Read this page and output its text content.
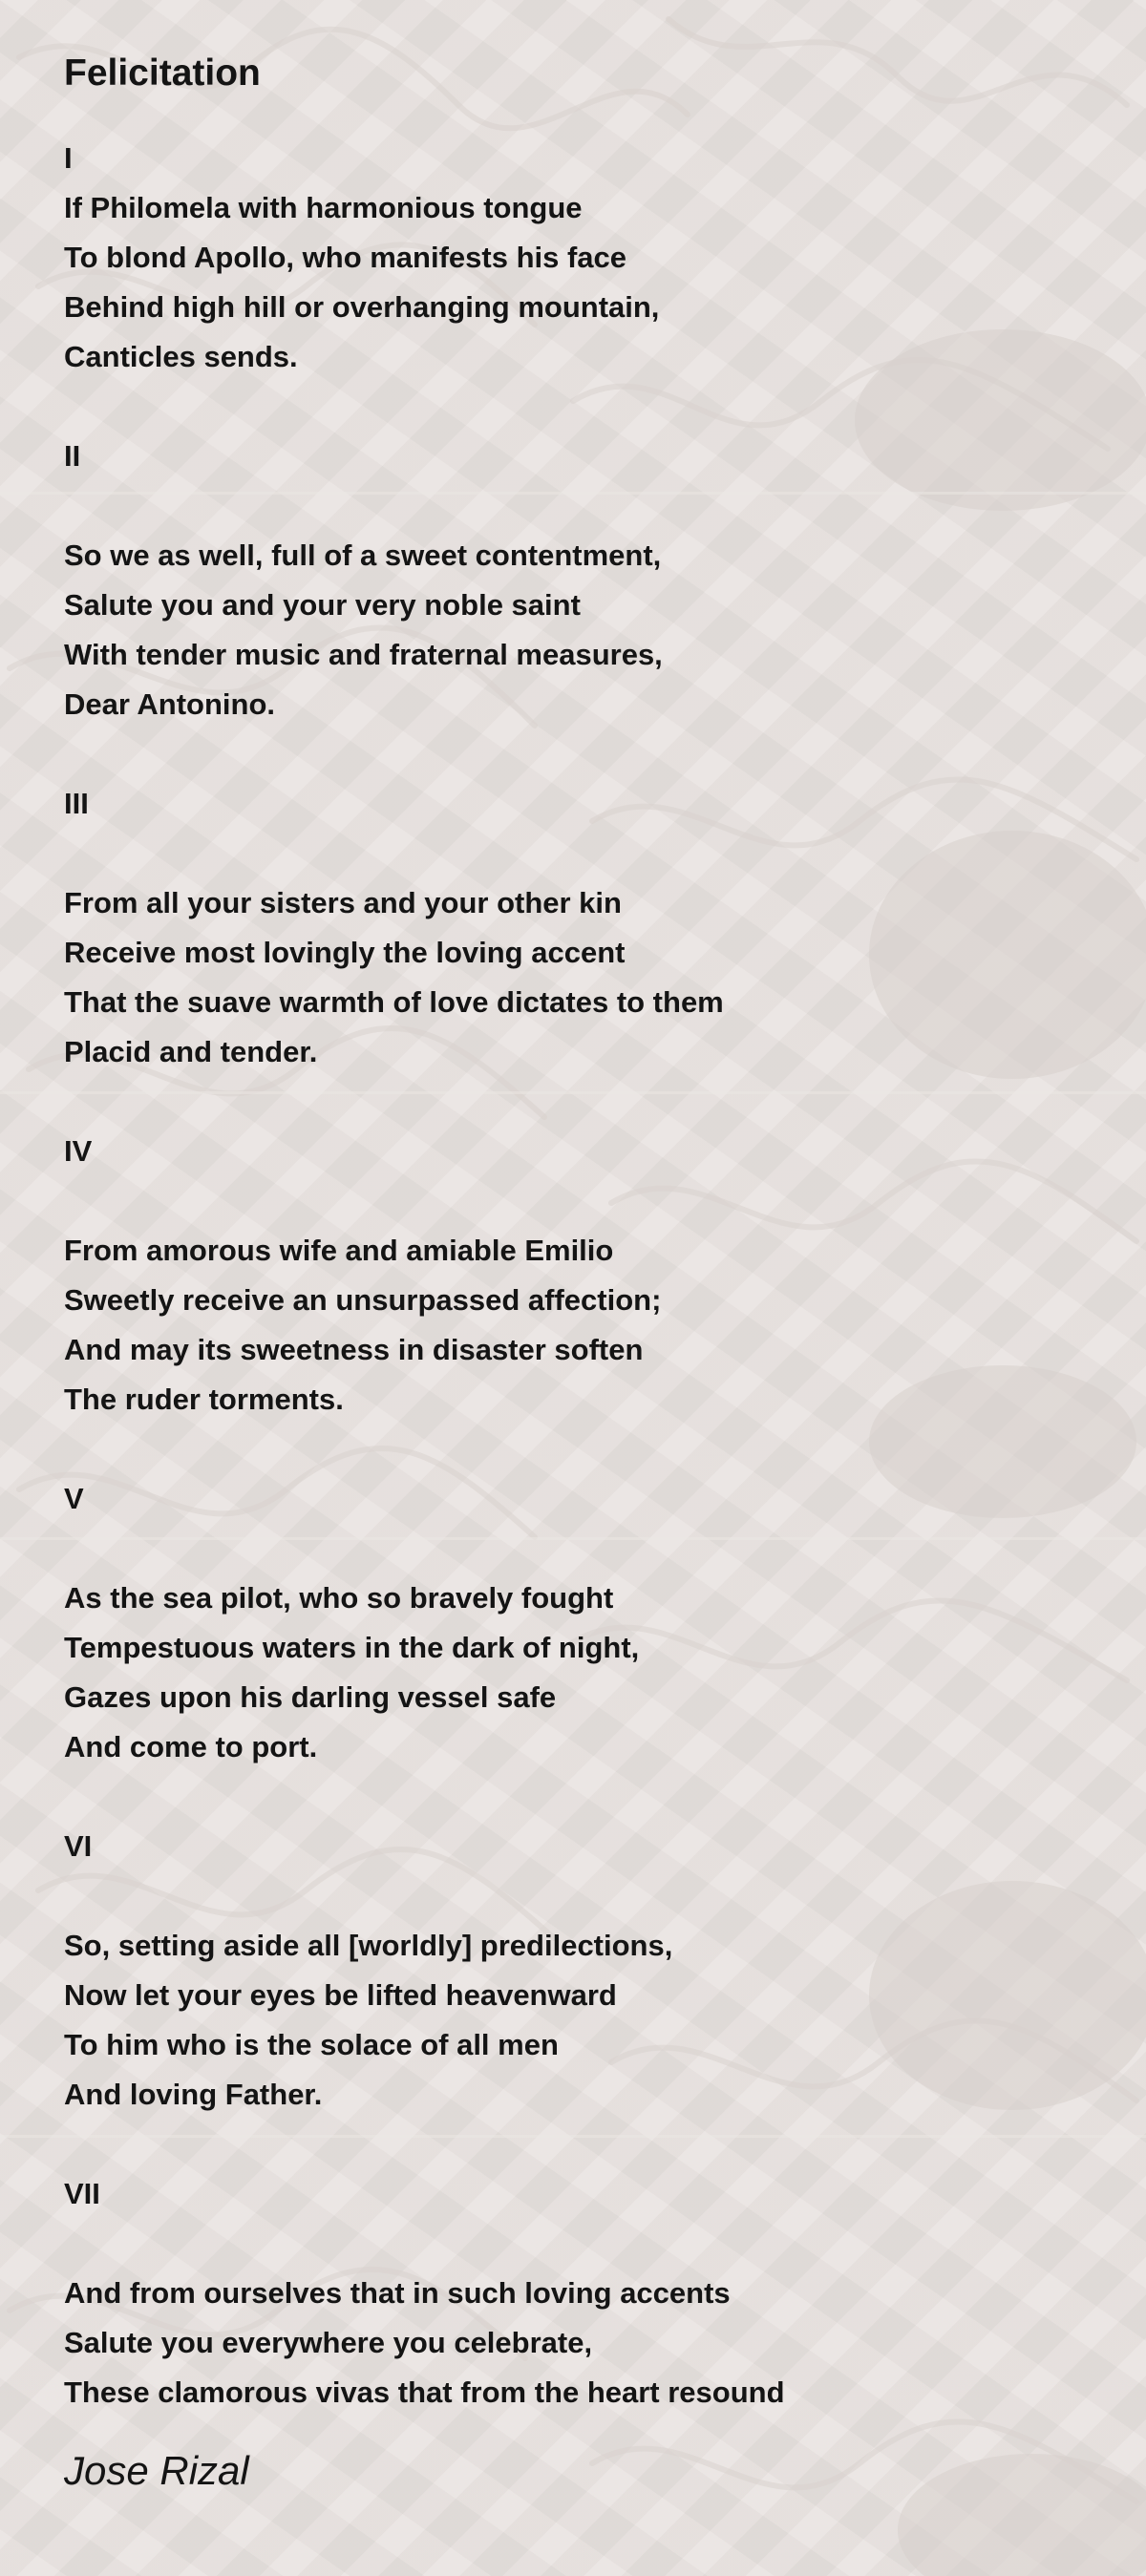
Felicitation
I
If Philomela with harmonious tongue
To blond Apollo, who manifests his face
Behind high hill or overhanging mountain,
Canticles sends.
II
So we as well, full of a sweet contentment,
Salute you and your very noble saint
With tender music and fraternal measures,
Dear Antonino.
III
From all your sisters and your other kin
Receive most lovingly the loving accent
That the suave warmth of love dictates to them
Placid and tender.
IV
From amorous wife and amiable Emilio
Sweetly receive an unsurpassed affection;
And may its sweetness in disaster soften
The ruder torments.
V
As the sea pilot, who so bravely fought
Tempestuous waters in the dark of night,
Gazes upon his darling vessel safe
And come to port.
VI
So, setting aside all [worldly] predilections,
Now let your eyes be lifted heavenward
To him who is the solace of all men
And loving Father.
VII
And from ourselves that in such loving accents
Salute you everywhere you celebrate,
These clamorous vivas that from the heart resound
Jose Rizal
